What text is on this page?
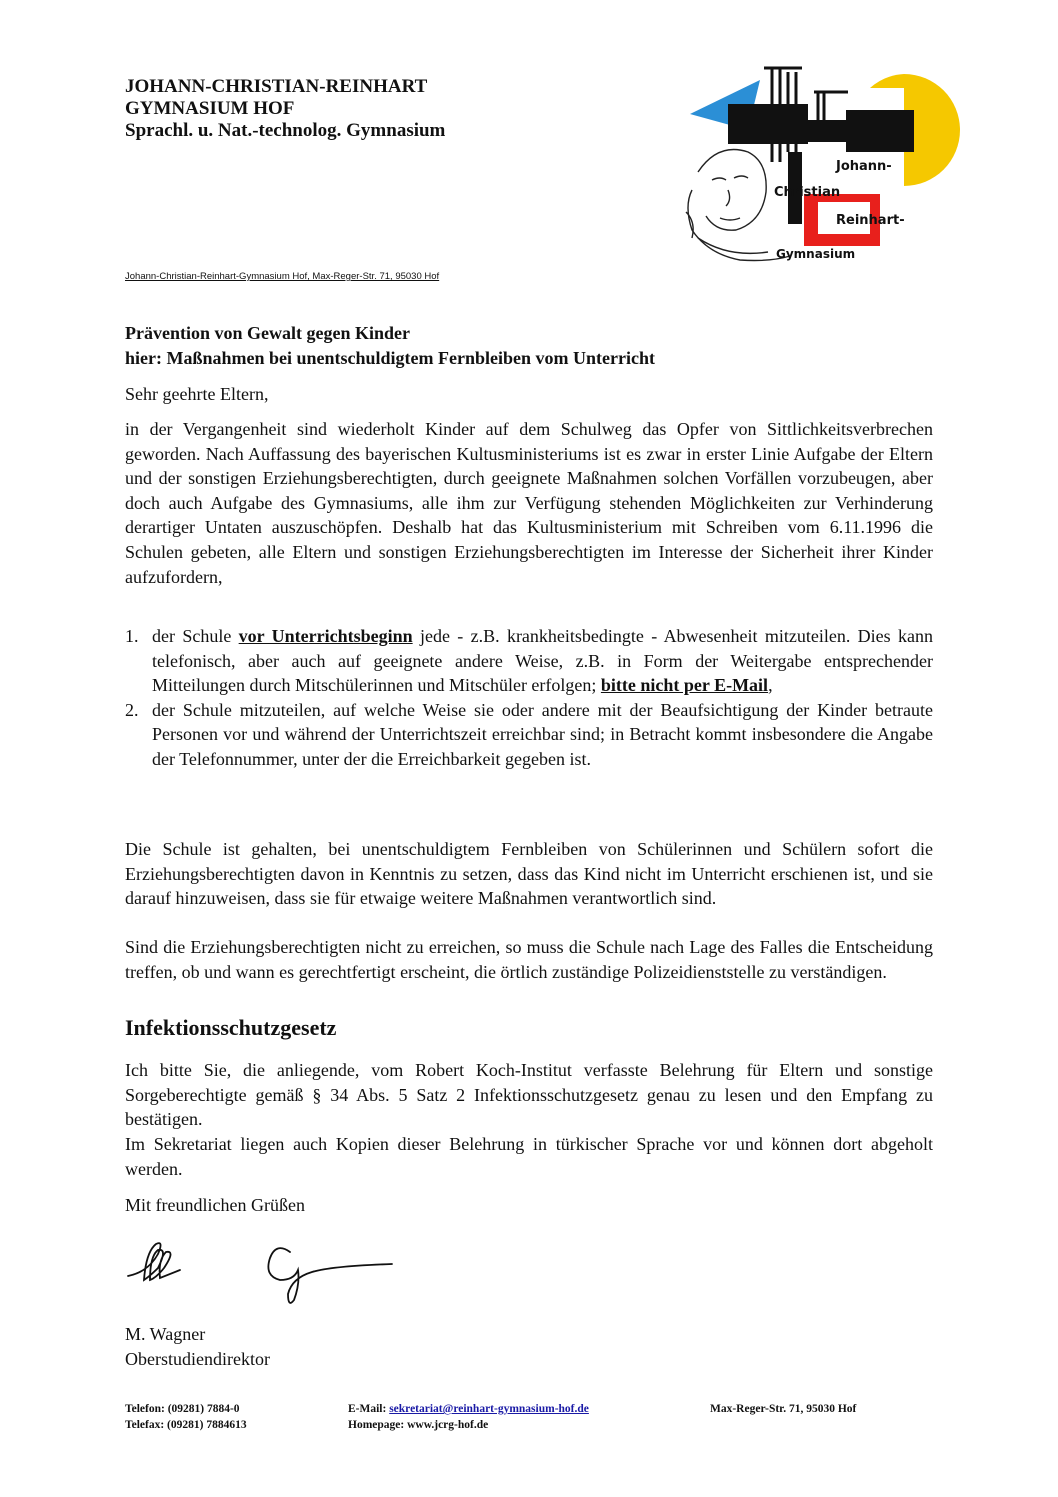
JOHANN-CHRISTIAN-REINHART
GYMNASIUM HOF
Sprachl. u. Nat.-technolog. Gymnasium
Johann-
Christian
Reinhart-
Gymnasium
Johann-Christian-Reinhart-Gymnasium Hof, Max-Reger-Str. 71, 95030 Hof
Prävention von Gewalt gegen Kinder
hier: Maßnahmen bei unentschuldigtem Fernbleiben vom Unterricht
Sehr geehrte Eltern,
in der Vergangenheit sind wiederholt Kinder auf dem Schulweg das Opfer von Sittlichkeitsverbrechen geworden. Nach Auffassung des bayerischen Kultusministeriums ist es zwar in erster Linie Aufgabe der Eltern und der sonstigen Erziehungsberechtigten, durch geeignete Maßnahmen solchen Vorfällen vorzubeugen, aber doch auch Aufgabe des Gymnasiums, alle ihm zur Verfügung stehenden Möglichkeiten zur Verhinderung derartiger Untaten auszuschöpfen. Deshalb hat das Kultusministerium mit Schreiben vom 6.11.1996 die Schulen gebeten, alle Eltern und sonstigen Erziehungsberechtigten im Interesse der Sicherheit ihrer Kinder aufzufordern,
1. der Schule vor Unterrichtsbeginn jede - z.B. krankheitsbedingte - Abwesenheit mitzuteilen. Dies kann telefonisch, aber auch auf geeignete andere Weise, z.B. in Form der Weitergabe entsprechender Mitteilungen durch Mitschülerinnen und Mitschüler erfolgen; bitte nicht per E-Mail,
2. der Schule mitzuteilen, auf welche Weise sie oder andere mit der Beaufsichtigung der Kinder betraute Personen vor und während der Unterrichtszeit erreichbar sind; in Betracht kommt insbesondere die Angabe der Telefonnummer, unter der die Erreichbarkeit gegeben ist.
Die Schule ist gehalten, bei unentschuldigtem Fernbleiben von Schülerinnen und Schülern sofort die Erziehungsberechtigten davon in Kenntnis zu setzen, dass das Kind nicht im Unterricht erschienen ist, und sie darauf hinzuweisen, dass sie für etwaige weitere Maßnahmen verantwortlich sind.
Sind die Erziehungsberechtigten nicht zu erreichen, so muss die Schule nach Lage des Falles die Entscheidung treffen, ob und wann es gerechtfertigt erscheint, die örtlich zuständige Polizeidienststelle zu verständigen.
Infektionsschutzgesetz
Ich bitte Sie, die anliegende, vom Robert Koch-Institut verfasste Belehrung für Eltern und sonstige Sorgeberechtigte gemäß § 34 Abs. 5 Satz 2 Infektionsschutzgesetz genau zu lesen und den Empfang zu bestätigen.
Im Sekretariat liegen auch Kopien dieser Belehrung in türkischer Sprache vor und können dort abgeholt werden.
Mit freundlichen Grüßen
M. Wagner
Oberstudiendirektor
Telefon: (09281) 7884-0	E-Mail: sekretariat@reinhart-gymnasium-hof.de	Max-Reger-Str. 71, 95030 Hof
Telefax: (09281) 7884613	Homepage: www.jcrg-hof.de
